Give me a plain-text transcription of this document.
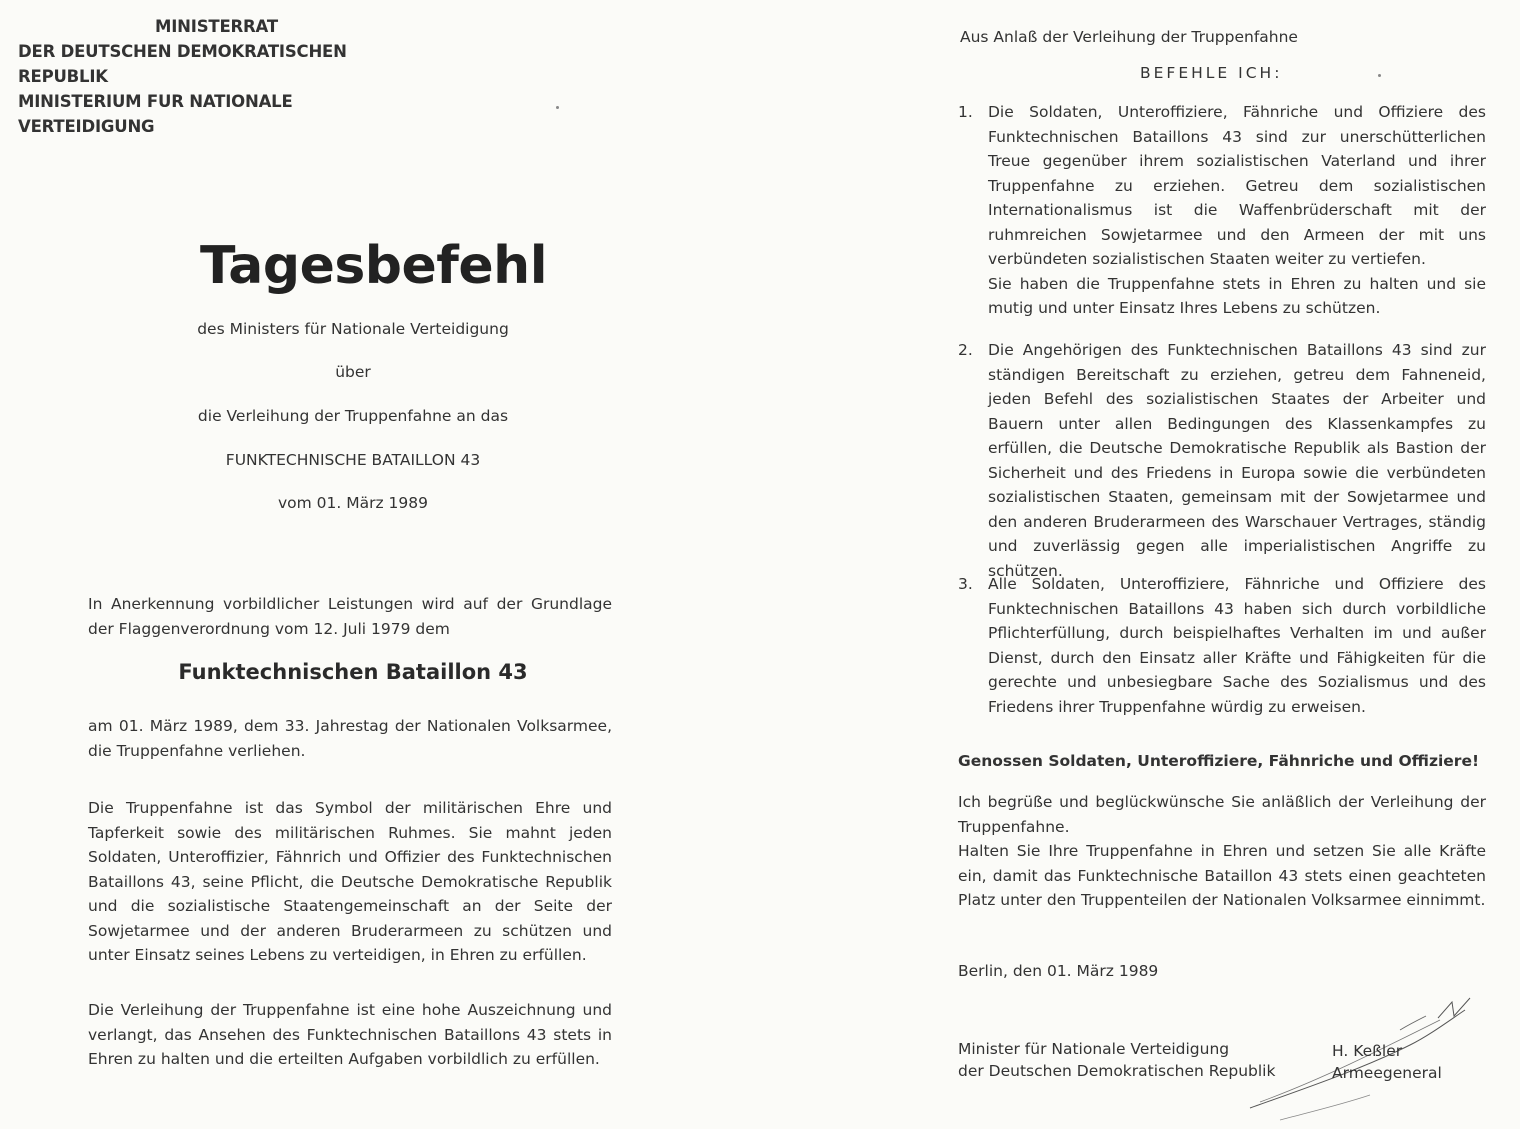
MINISTERRAT
DER DEUTSCHEN DEMOKRATISCHEN REPUBLIK
MINISTERIUM FUR NATIONALE VERTEIDIGUNG
Tagesbefehl
des Ministers für Nationale Verteidigung
über
die Verleihung der Truppenfahne an das
FUNKTECHNISCHE BATAILLON 43
vom 01. März 1989
In Anerkennung vorbildlicher Leistungen wird auf der Grundlage der Flaggenverordnung vom 12. Juli 1979 dem
Funktechnischen Bataillon 43
am 01. März 1989, dem 33. Jahrestag der Nationalen Volksarmee, die Truppenfahne verliehen.
Die Truppenfahne ist das Symbol der militärischen Ehre und Tapferkeit sowie des militärischen Ruhmes. Sie mahnt jeden Soldaten, Unteroffizier, Fähnrich und Offizier des Funktechnischen Bataillons 43, seine Pflicht, die Deutsche Demokratische Republik und die sozialistische Staatengemeinschaft an der Seite der Sowjetarmee und der anderen Bruderarmeen zu schützen und unter Einsatz seines Lebens zu verteidigen, in Ehren zu erfüllen.
Die Verleihung der Truppenfahne ist eine hohe Auszeichnung und verlangt, das Ansehen des Funktechnischen Bataillons 43 stets in Ehren zu halten und die erteilten Aufgaben vorbildlich zu erfüllen.
Aus Anlaß der Verleihung der Truppenfahne
BEFEHLE ICH:
1. Die Soldaten, Unteroffiziere, Fähnriche und Offiziere des Funktechnischen Bataillons 43 sind zur unerschütterlichen Treue gegenüber ihrem sozialistischen Vaterland und ihrer Truppenfahne zu erziehen. Getreu dem sozialistischen Internationalismus ist die Waffenbrüderschaft mit der ruhmreichen Sowjetarmee und den Armeen der mit uns verbündeten sozialistischen Staaten weiter zu vertiefen.
Sie haben die Truppenfahne stets in Ehren zu halten und sie mutig und unter Einsatz Ihres Lebens zu schützen.
2. Die Angehörigen des Funktechnischen Bataillons 43 sind zur ständigen Bereitschaft zu erziehen, getreu dem Fahneneid, jeden Befehl des sozialistischen Staates der Arbeiter und Bauern unter allen Bedingungen des Klassenkampfes zu erfüllen, die Deutsche Demokratische Republik als Bastion der Sicherheit und des Friedens in Europa sowie die verbündeten sozialistischen Staaten, gemeinsam mit der Sowjetarmee und den anderen Bruderarmeen des Warschauer Vertrages, ständig und zuverlässig gegen alle imperialistischen Angriffe zu schützen.
3. Alle Soldaten, Unteroffiziere, Fähnriche und Offiziere des Funktechnischen Bataillons 43 haben sich durch vorbildliche Pflichterfüllung, durch beispielhaftes Verhalten im und außer Dienst, durch den Einsatz aller Kräfte und Fähigkeiten für die gerechte und unbesiegbare Sache des Sozialismus und des Friedens ihrer Truppenfahne würdig zu erweisen.
Genossen Soldaten, Unteroffiziere, Fähnriche und Offiziere!
Ich begrüße und beglückwünsche Sie anläßlich der Verleihung der Truppenfahne.
Halten Sie Ihre Truppenfahne in Ehren und setzen Sie alle Kräfte ein, damit das Funktechnische Bataillon 43 stets einen geachteten Platz unter den Truppenteilen der Nationalen Volksarmee einnimmt.
Berlin, den 01. März 1989
Minister für Nationale Verteidigung
der Deutschen Demokratischen Republik
H. Keßler
Armeegeneral
